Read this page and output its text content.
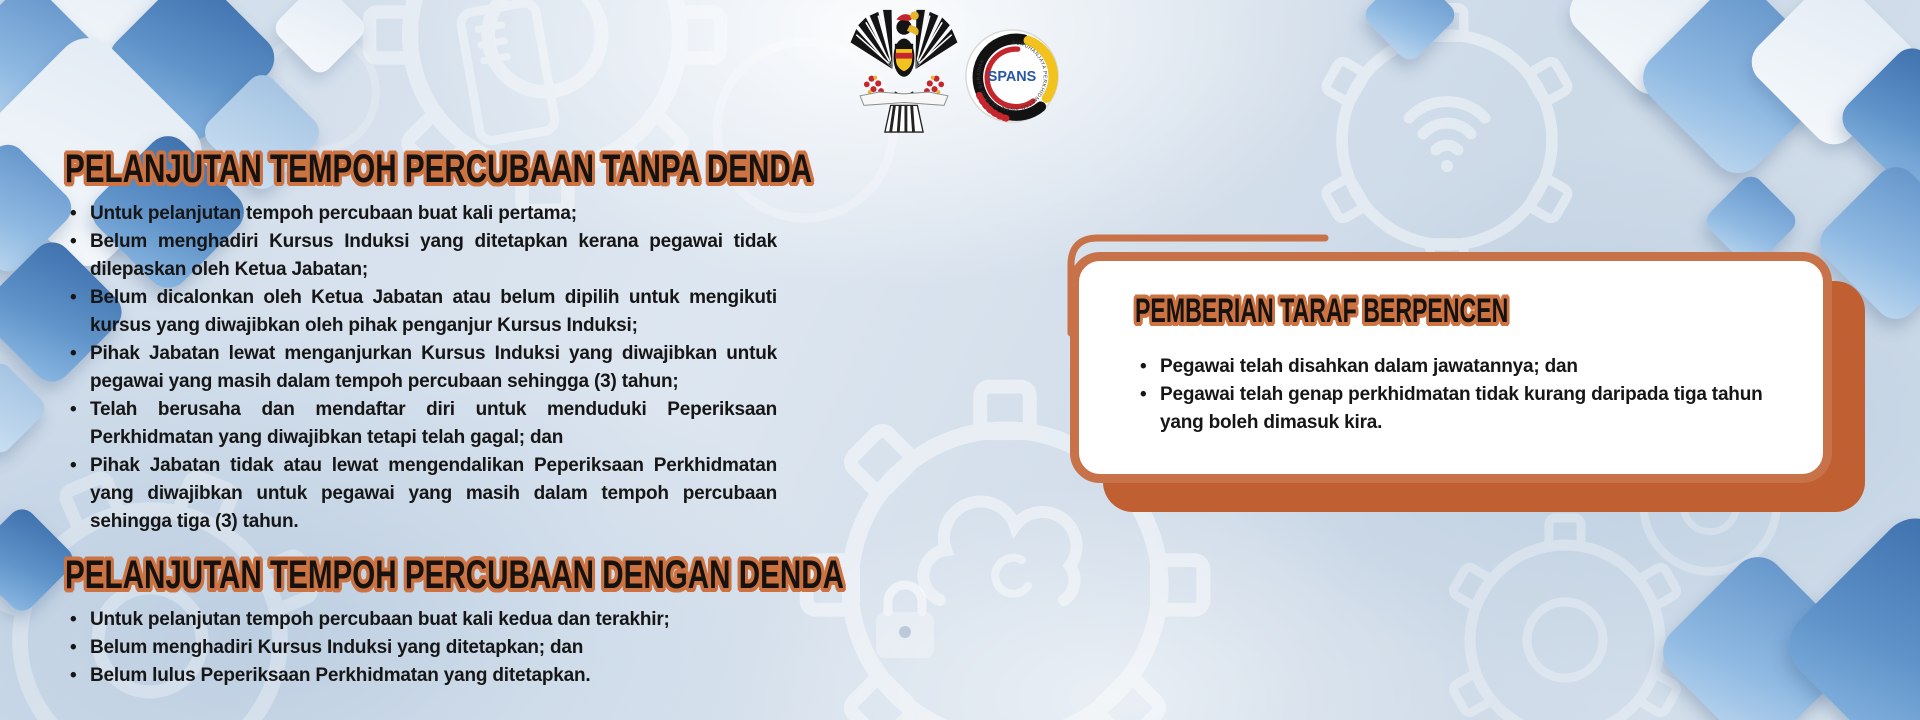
SURUHANJAYA PERKHIDMATAN AWAM NEGERI SARAWAK
SPANS
PELANJUTAN TEMPOH PERCUBAAN TANPA DENDA
• Untuk pelanjutan tempoh percubaan buat kali pertama;
• Belum menghadiri Kursus Induksi yang ditetapkan kerana pegawai tidak dilepaskan oleh Ketua Jabatan;
• Belum dicalonkan oleh Ketua Jabatan atau belum dipilih untuk mengikuti kursus yang diwajibkan oleh pihak penganjur Kursus Induksi;
• Pihak Jabatan lewat menganjurkan Kursus Induksi yang diwajibkan untuk pegawai yang masih dalam tempoh percubaan sehingga (3) tahun;
• Telah berusaha dan mendaftar diri untuk menduduki Peperiksaan Perkhidmatan yang diwajibkan tetapi telah gagal; dan
• Pihak Jabatan tidak atau lewat mengendalikan Peperiksaan Perkhidmatan yang diwajibkan untuk pegawai yang masih dalam tempoh percubaan sehingga tiga (3) tahun.
PELANJUTAN TEMPOH PERCUBAAN DENGAN DENDA
• Untuk pelanjutan tempoh percubaan buat kali kedua dan terakhir;
• Belum menghadiri Kursus Induksi yang ditetapkan; dan
• Belum lulus Peperiksaan Perkhidmatan yang ditetapkan.
PEMBERIAN TARAF BERPENCEN
• Pegawai telah disahkan dalam jawatannya; dan
• Pegawai telah genap perkhidmatan tidak kurang daripada tiga tahun yang boleh dimasuk kira.
